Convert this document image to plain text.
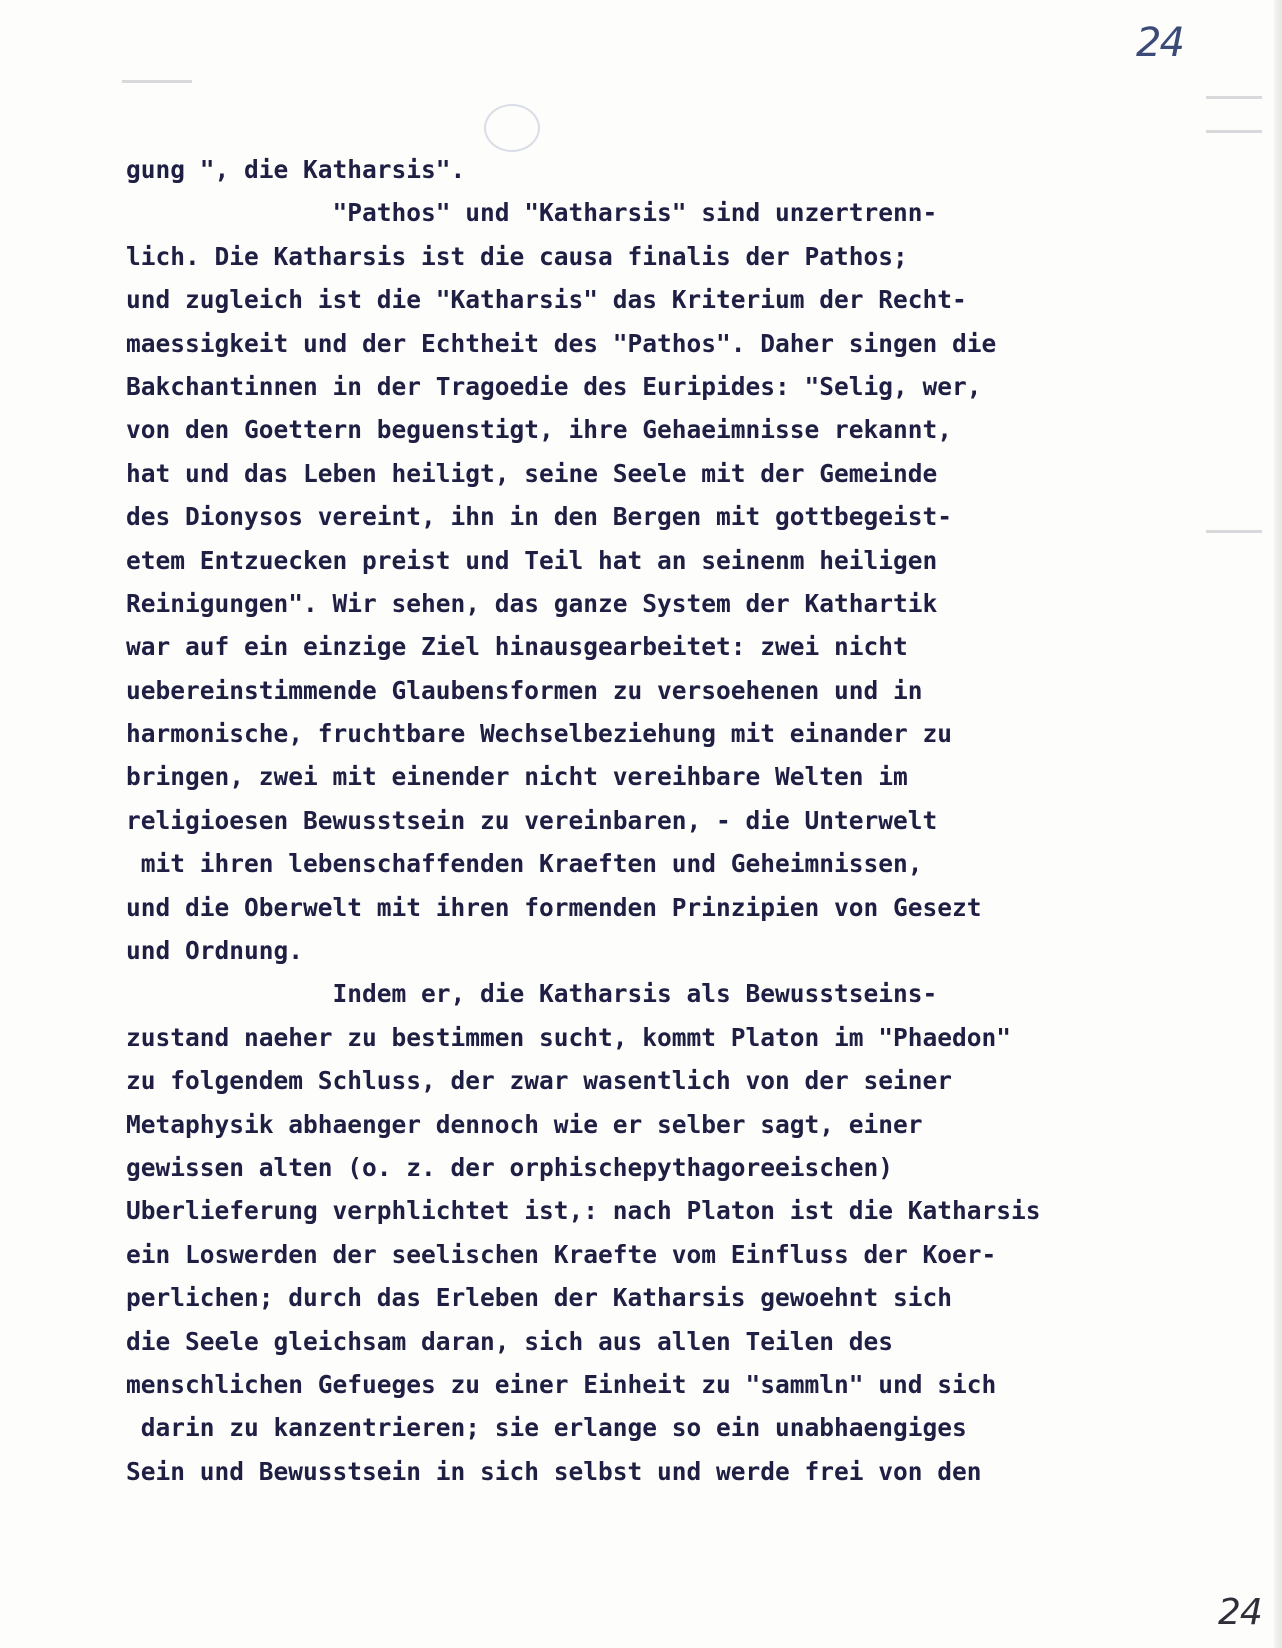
24
gung ", die Katharsis".
"Pathos" und "Katharsis" sind unzertrenn-
lich. Die Katharsis ist die causa finalis der Pathos;
und zugleich ist die "Katharsis" das Kriterium der Recht-
maessigkeit und der Echtheit des "Pathos". Daher singen die
Bakchantinnen in der Tragoedie des Euripides: "Selig, wer,
von den Goettern beguenstigt, ihre Gehaeimnisse rekannt,
hat und das Leben heiligt, seine Seele mit der Gemeinde
des Dionysos vereint, ihn in den Bergen mit gottbegeist-
etem Entzuecken preist und Teil hat an seinenm heiligen
Reinigungen". Wir sehen, das ganze System der Kathartik
war auf ein einzige Ziel hinausgearbeitet: zwei nicht
uebereinstimmende Glaubensformen zu versoehenen und in
harmonische, fruchtbare Wechselbeziehung mit einander zu
bringen, zwei mit einender nicht vereihbare Welten im
religioesen Bewusstsein zu vereinbaren, - die Unterwelt
mit ihren lebenschaffenden Kraeften und Geheimnissen,
und die Oberwelt mit ihren formenden Prinzipien von Gesezt
und Ordnung.
Indem er, die Katharsis als Bewusstseins-
zustand naeher zu bestimmen sucht, kommt Platon im "Phaedon"
zu folgendem Schluss, der zwar wasentlich von der seiner
Metaphysik abhaenger dennoch wie er selber sagt, einer
gewissen alten (o. z. der orphischepythagoreeischen)
Uberlieferung verphlichtet ist,: nach Platon ist die Katharsis
ein Loswerden der seelischen Kraefte vom Einfluss der Koer-
perlichen; durch das Erleben der Katharsis gewoehnt sich
die Seele gleichsam daran, sich aus allen Teilen des
menschlichen Gefueges zu einer Einheit zu "sammln" und sich
darin zu kanzentrieren; sie erlange so ein unabhaengiges
Sein und Bewusstsein in sich selbst und werde frei von den
24
